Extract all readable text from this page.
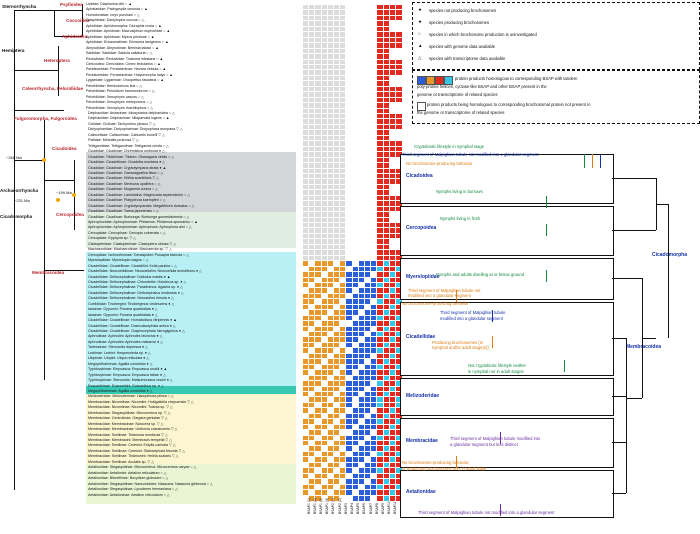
~268 Ma
~231 Ma
~199 Ma
Sternorrhyncha	Psylloidea
Coccoidea
Hemiptera
Aphidoidea
Heteroptera
Coleorrhyncha, Peloridiidae
Fulgoromorpha, Fulgoroidea
Cicadoidea
Cercopoidea
Membracoidea
Archaeorrhyncha
Cicadomorpha
Liviidae: Diaphorina citri ○ ▲
Aphalaridae: Pachypsylla venusta ○ ▲
Homotomidae: Ioryx purchasi ○ △
Diaspididae: Dactylopius coccus ○ △
Aphididae: Aphidomorpha: Diuraphis noxia ○ ▲
Aphididae: Aphidinae: Macrosiphum euphorbiae ○ ▲
Aphididae: Aphidinae: Myzus persicae ○ ▲
Aphididae: Eriosomatinae: Eriosoma lanigerum ○ ▲
Aleyrodidae: Aleyrodinae: Bemisia tabaci ○ ▲
Saldidae: Saldidae: Saldula saltatoria ○ △
Reduviidae: Reduviidae: Triatoma infestans ○ ▲
Cimicoidea: Cimicoidea: Cimex lectularius ○ ▲
Pentatomidae: Pentatominae: Nezara viridula ○ ▲
Pentatomidae: Pentatominae: Halyomorpha halys ○ ▲
Lygaeidae: Lygaeinae: Oncopeltus fasciatus ○ ▲
Peloridiidae: Hemiodoecus leai ○ △
Peloridiidae: Peloridium hammoniorum ○ △
Peloridiidae: Xenophyes cascus ○ △
Peloridiidae: Xenophyes metoponcus ○ △
Peloridiidae: Xenophyes rhachilophus ○ △
Delphacidae: Asiracinae: Idiosystatus delphacidea ○ △
Delphacidae: Delphacinae: Nilaparvata lugens ○ ▲
Cixiidae: Cixiinae: Tachycixius pilosus ▽ △
Dictyopharidae: Dictyopharinae: Dictyophara europaea ▽ △
Caliscelidae: Caliscelinae: Caliscelis bonelli ▽ △
Flatidae: Metcalfa pruinosa ▽ △
Tettigarctidae: Tettigarctinae: Tettigarcta crinita ○ △
Cicadidae: Cicadinae: Chremistica umbrosa ● △
Cicadidae: Tibicininae: Tibicen: Okanagana viridis ○ △
Cicadidae: Cicadettinae: Cicadetta montana ● △
Cicadidae: Cicadinae: Cryptotympana atrata ● ▲
Cicadidae: Cicadinae: Gaeanagrafina flava ○ △
Cicadidae: Cicadinae: Klithia scantillaris ▽ △
Cicadidae: Cicadinae: Meimuna opalifera ○ △
Cicadidae: Cicadinae: Mogannia conica ○ △
Cicadidae: Cicadinae: Lamotialna: Magicicada septendecim ○ △
Cicadidae: Cicadinae: Platypleura kaempferi ○ △
Cicadidae: Cicadinae: Cryptotympanata: Megatibicen dorsatus ○ △
Cicadidae: Cicadinae: Tanna japonensis ○ △
Cicadidae: Cicadinae: Burbunga: Burbunga gunnedahensis ○ △
Aphrophoridae: Aphrophorinae: Philaenus: Philaenus spumarius ○ ▲
Aphrophoridae: Aphrophorinae: Aphrophora: Aphrophora alni ○ △
Cercopidae: Cercopinae: Cercopis vulnerata ○ △
Cercopidae: Epyxyzia sp. ▽ △
Clastopteridae: Clastopterinae: Clastoptera obtusa ▽ △
Machaerotidae: Machaerotinae: Machaerota sp. ▽ △
Cercopidae: Ischnorhininae: Tomaspidini: Prosapia bicincta ○ △
Myerslopiidae: Myerslopia magna ○ △
Cicadellidae: Cicadellinae: Cicadellini: Kolla paulula ○ △
Cicadellidae: Neocoelidiinae: Neocoelidiini: Neocoelidia tumidifrons ● △
Cicadellidae: Deltocephalinae: Dalbulus maidis ● ▲
Cicadellidae: Deltocephalinae: Chlorotettix: Holotrixus sp. ● △
Cicadellidae: Deltocephalinae: Paraliminus: Agasha sp. ● △
Cicadellidae: Deltocephalinae: Deltocephalus modestus ● △
Cicadellidae: Deltocephalinae: Nesosteles hirsuta ● △
Coelidiidae: Tinobregmi: Tinobregmus viridescens ● △
Iassinae: Gyponini: Ponana quadrialata ● △
Iassinae: Gyponini: Ponana quadrialata ● △
Cicadellidae: Cicadellinae: Homalodisca vitripennis ● ▲
Cicadellidae: Cicadellinae: Draeculacephala antica ● △
Cicadellidae: Cicadellinae: Graphocephala hieroglyphica ● △
Aphrodinae: Aphrodini: Aphrodes bicinctus ● △
Aphrodinae: Aphrodini: Aphrodes makarovi ● △
Tartessinae: Stenocotis depressa ● △
Ledrinae: Ledrini: Hespenoleda sp. ● △
Ulopinae: Ulopini: Ulopa reticulata ● △
Megophthalminae: Agallia constricta ● △
Typhlocybinae: Empoasca: Empoasca onukii ● ▲
Typhlocybinae: Empoasca: Empoasca fabae ● △
Typhlocybinae: Stenocotis: Matsumurasca onukii ● △
Evacanthinae: Evacanthini: Evacanthus sp. ● △
Megophthalminae: Agallia constricta ● △
Melizoderidae: Melizoderinae: Llanquihuea pilosa ○ △
Membracidae: Nicomiinae: Nicomiini: Holdgatiella chepuensis ▽ △
Membracidae: Nicomiinae: Nicomiini: Tolania sp. ▽ △
Membracidae: Stegaspidinae: Microcentrus sp. ▽ △
Membracidae: Centrotinae: Gargara genistae ▽ △
Membracidae: Membracinae: Notocera sp. ▽ △
Membracidae: Membracinae: Umbonia crassicornis ▽ △
Membracidae: Smiliinae: Telamona monticola ▽ △
Membracidae: Membracini: Membracis tempella ▽ △
Membracidae: Smiliinae: Ceresini: Entylia carinata ▽ △
Membracidae: Smiliinae: Ceresini: Stictocephala bisonia ▽ △
Membracidae: Smiliinae: Telamonini: Heliria scalaris ▽ △
Membracidae: Smiliinae: Acutalis sp. ▽ △
Aetalionidae: Stegaspidinae: Microcentrus: Microcentrus caryae ○ △
Aetalionidae: Aetalionini: Aetalion reticulatum ○ △
Aetalionidae: Biturritiinae: Bocydium globulare ○ △
Aetalionidae: Stegaspidinae: Nassunioides: Nassunia: Nassunia gibberula ○ △
Aetalionidae: Stegaspidinae: Lycoderes hermaniana ○ △
Aetalionidae: Aetalioninae: Aetalion reticulatum ○ △
BSAP1 (1) BSAP1 (2) BSAP1 (3) BSAP1 (4) BSAP2 (1) BSAP2 (2) BSAP3 BSAP4 BSAP5 BSAP6 BSAP7 BSAP8 BSAP9 BSAP10 BSAP11
★ species not producing brochosomes
★ species producing brochosomes
○ species in which brochosome production is uninvestigated
▲ species with genome data available
△ species with transcriptome data available
protein products homologous to corresponding BSAP with tandem
poly-proline helices, cyclase-like BSAP and other BSAP present in the
genome or transcriptome of related species
protein products being homologous to corresponding brochosomal protein not present in
the genome or transcriptome of related species
Cicadoidea
Cercopoidea
Myerslopiidae
Cicadellidae
Melizoderidae
Membracidae
Aetalionidae
Membracoidea
Cicadomorpha
Cryptobiotic lifestyle in nymphal stage
Third segment of Malpighian tubule not modified into a glandular segment
No brochosome-producing behavior
Nymphs living in burrows
Nymphs living in froth
Nymphs and adults dwelling at or below ground
Third segment of Malpighian tubule not
modified into a glandular segment
No brochosome-producing behavior
Third segment of Malpighian tubule
modified into a glandular segment
Producing brochosomes (in
nymphal and/or adult stage(s))
Not cryptobiotic lifestyle neither
in nymphal nor in adult stages
Third segment of Malpighian tubule modified into
a glandular segment but less distinct
No brochosome-producing behavior,
or producing brochosomes only in adult stage
Third segment of Malpighian tubule not modified into a glandular segment
